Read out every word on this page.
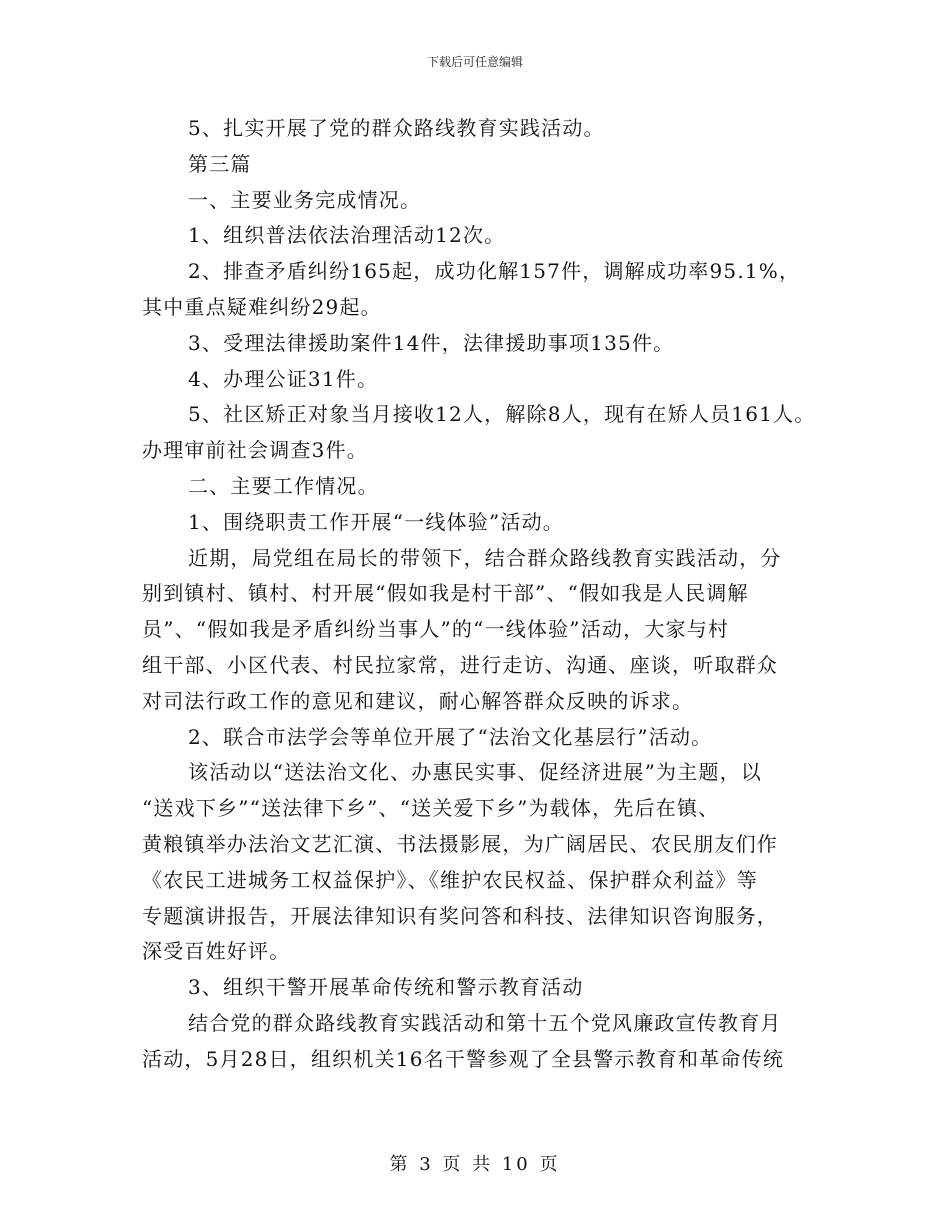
下载后可任意编辑
5、扎实开展了党的群众路线教育实践活动。
第三篇
一、主要业务完成情况。
1、组织普法依法治理活动12次。
2、排查矛盾纠纷165起，成功化解157件，调解成功率95.1%，
其中重点疑难纠纷29起。
3、受理法律援助案件14件，法律援助事项135件。
4、办理公证31件。
5、社区矫正对象当月接收12人，解除8人，现有在矫人员161人。
办理审前社会调查3件。
二、主要工作情况。
1、围绕职责工作开展“一线体验”活动。
近期，局党组在局长的带领下，结合群众路线教育实践活动，分
别到镇村、镇村、村开展“假如我是村干部”、“假如我是人民调解
员”、“假如我是矛盾纠纷当事人”的“一线体验”活动，大家与村
组干部、小区代表、村民拉家常，进行走访、沟通、座谈，听取群众
对司法行政工作的意见和建议，耐心解答群众反映的诉求。
2、联合市法学会等单位开展了“法治文化基层行”活动。
该活动以“送法治文化、办惠民实事、促经济进展”为主题，以
“送戏下乡”“送法律下乡”、“送关爱下乡”为载体，先后在镇、
黄粮镇举办法治文艺汇演、书法摄影展，为广阔居民、农民朋友们作
《农民工进城务工权益保护》、《维护农民权益、保护群众利益》等
专题演讲报告，开展法律知识有奖问答和科技、法律知识咨询服务，
深受百姓好评。
3、组织干警开展革命传统和警示教育活动
结合党的群众路线教育实践活动和第十五个党风廉政宣传教育月
活动，5月28日，组织机关16名干警参观了全县警示教育和革命传统
第 3 页 共 10 页
